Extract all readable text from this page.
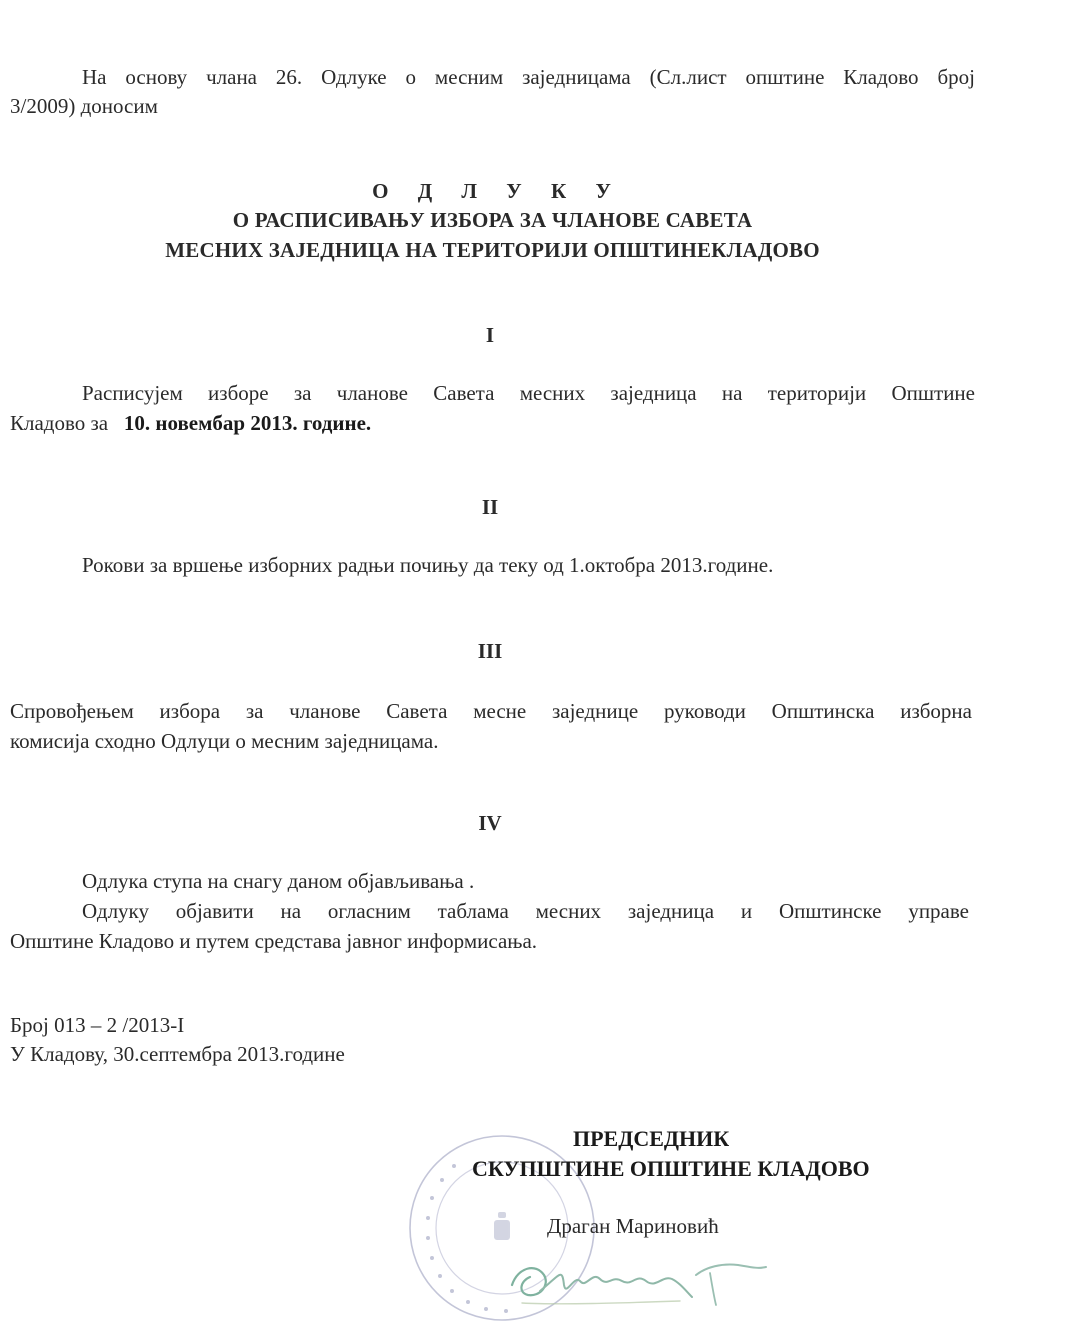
На основу члана 26. Одлуке о месним заједницама (Сл.лист општине Кладово број
3/2009) доносим
О Д Л У К У
О РАСПИСИВАЊУ ИЗБОРА ЗА ЧЛАНОВЕ САВЕТА
МЕСНИХ ЗАЈЕДНИЦА НА ТЕРИТОРИЈИ ОПШТИНЕКЛАДОВО
I
Расписујем изборе за чланове Савета месних заједница на територији Општине
Кладово за 10. новембар 2013. године.
II
Рокови за вршење изборних радњи почињу да теку од 1.октобра 2013.године.
III
Спровођењем избора за чланове Савета месне заједнице руководи Општинска изборна
комисија сходно Одлуци о месним заједницама.
IV
Одлука ступа на снагу даном објављивања .
Одлуку објавити на огласним таблама месних заједница и Општинске управе
Општине Кладово и путем средстава јавног информисања.
Број 013 – 2 /2013-I
У Кладову, 30.септембра 2013.године
ПРЕДСЕДНИК
СКУПШТИНЕ ОПШТИНЕ КЛАДОВО
Драган Мариновић
